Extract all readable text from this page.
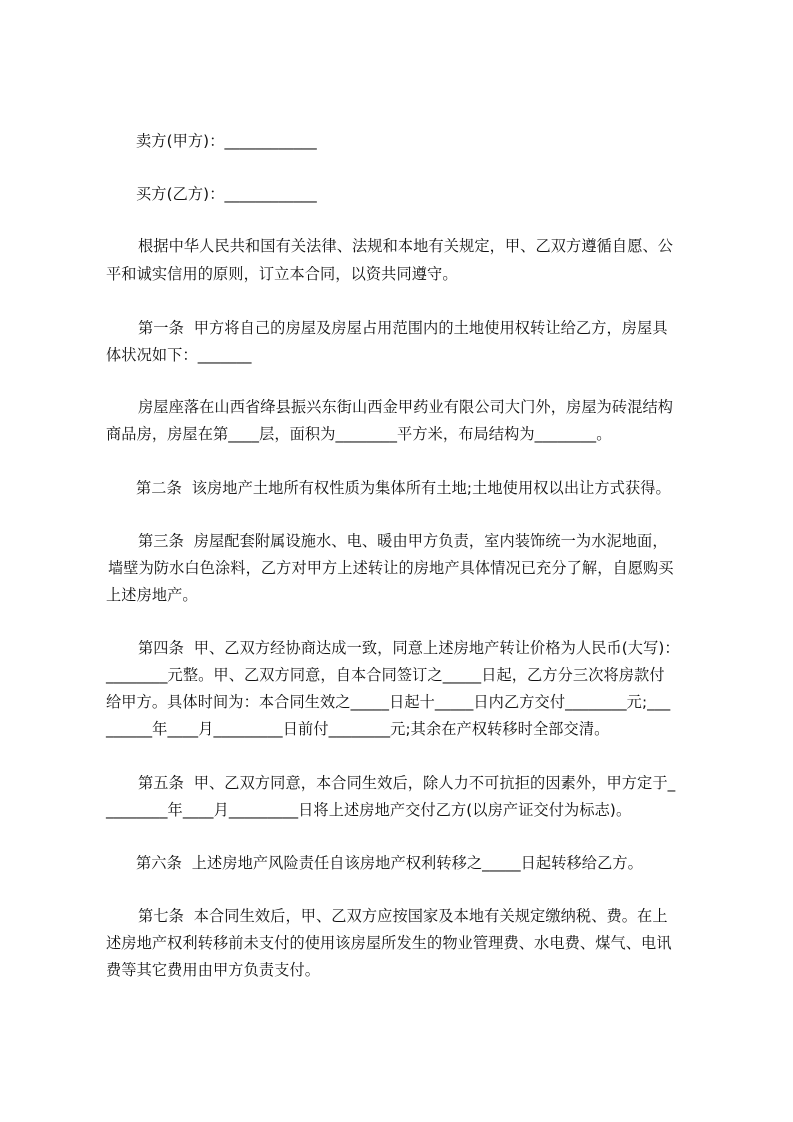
卖方(甲方)：____________
买方(乙方)：____________
根据中华人民共和国有关法律、法规和本地有关规定，甲、乙双方遵循自愿、公
平和诚实信用的原则，订立本合同，以资共同遵守。
第一条  甲方将自己的房屋及房屋占用范围内的土地使用权转让给乙方，房屋具
体状况如下：_______
房屋座落在山西省绛县振兴东街山西金甲药业有限公司大门外，房屋为砖混结构
商品房，房屋在第____层，面积为________平方米，布局结构为________。
第二条  该房地产土地所有权性质为集体所有土地;土地使用权以出让方式获得。
第三条  房屋配套附属设施水、电、暖由甲方负责，室内装饰统一为水泥地面，
墙壁为防水白色涂料，乙方对甲方上述转让的房地产具体情况已充分了解，自愿购买
上述房地产。
第四条  甲、乙双方经协商达成一致，同意上述房地产转让价格为人民币(大写)：
________元整。甲、乙双方同意，自本合同签订之_____日起，乙方分三次将房款付
给甲方。具体时间为：本合同生效之_____日起十_____日内乙方交付________元;___
______年____月_________日前付________元;其余在产权转移时全部交清。
第五条  甲、乙双方同意，本合同生效后，除人力不可抗拒的因素外，甲方定于_
________年____月_________日将上述房地产交付乙方(以房产证交付为标志)。
第六条  上述房地产风险责任自该房地产权利转移之_____日起转移给乙方。
第七条  本合同生效后，甲、乙双方应按国家及本地有关规定缴纳税、费。在上
述房地产权利转移前未支付的使用该房屋所发生的物业管理费、水电费、煤气、电讯
费等其它费用由甲方负责支付。
